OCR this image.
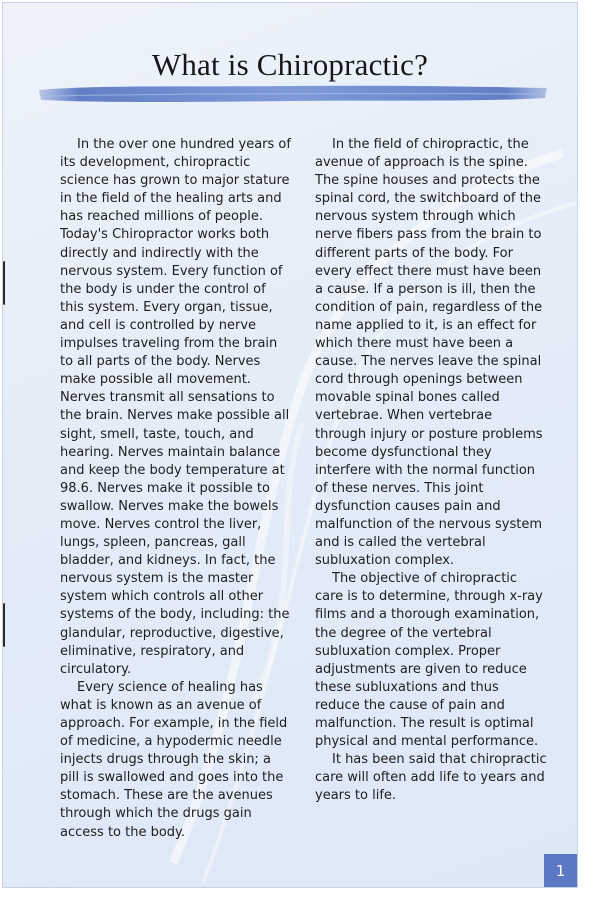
What is Chiropractic?

In the over one hundred years of its development, chiropractic science has grown to major stature in the field of the healing arts and has reached millions of people. Today's Chiropractor works both directly and indirectly with the nervous system. Every function of the body is under the control of this system. Every organ, tissue, and cell is controlled by nerve impulses traveling from the brain to all parts of the body. Nerves make possible all movement. Nerves transmit all sensations to the brain. Nerves make possible all sight, smell, taste, touch, and hearing. Nerves maintain balance and keep the body temperature at 98.6. Nerves make it possible to swallow. Nerves make the bowels move. Nerves control the liver, lungs, spleen, pancreas, gall bladder, and kidneys. In fact, the nervous system is the master system which controls all other systems of the body, including: the glandular, reproductive, digestive, eliminative, respiratory, and circulatory.

Every science of healing has what is known as an avenue of approach. For example, in the field of medicine, a hypodermic needle injects drugs through the skin; a pill is swallowed and goes into the stomach. These are the avenues through which the drugs gain access to the body.

In the field of chiropractic, the avenue of approach is the spine. The spine houses and protects the spinal cord, the switchboard of the nervous system through which nerve fibers pass from the brain to different parts of the body. For every effect there must have been a cause. If a person is ill, then the condition of pain, regardless of the name applied to it, is an effect for which there must have been a cause. The nerves leave the spinal cord through openings between movable spinal bones called vertebrae. When vertebrae through injury or posture problems become dysfunctional they interfere with the normal function of these nerves. This joint dysfunction causes pain and malfunction of the nervous system and is called the vertebral subluxation complex.

The objective of chiropractic care is to determine, through x-ray films and a thorough examination, the degree of the vertebral subluxation complex. Proper adjustments are given to reduce these subluxations and thus reduce the cause of pain and malfunction. The result is optimal physical and mental performance.

It has been said that chiropractic care will often add life to years and years to life.

1
